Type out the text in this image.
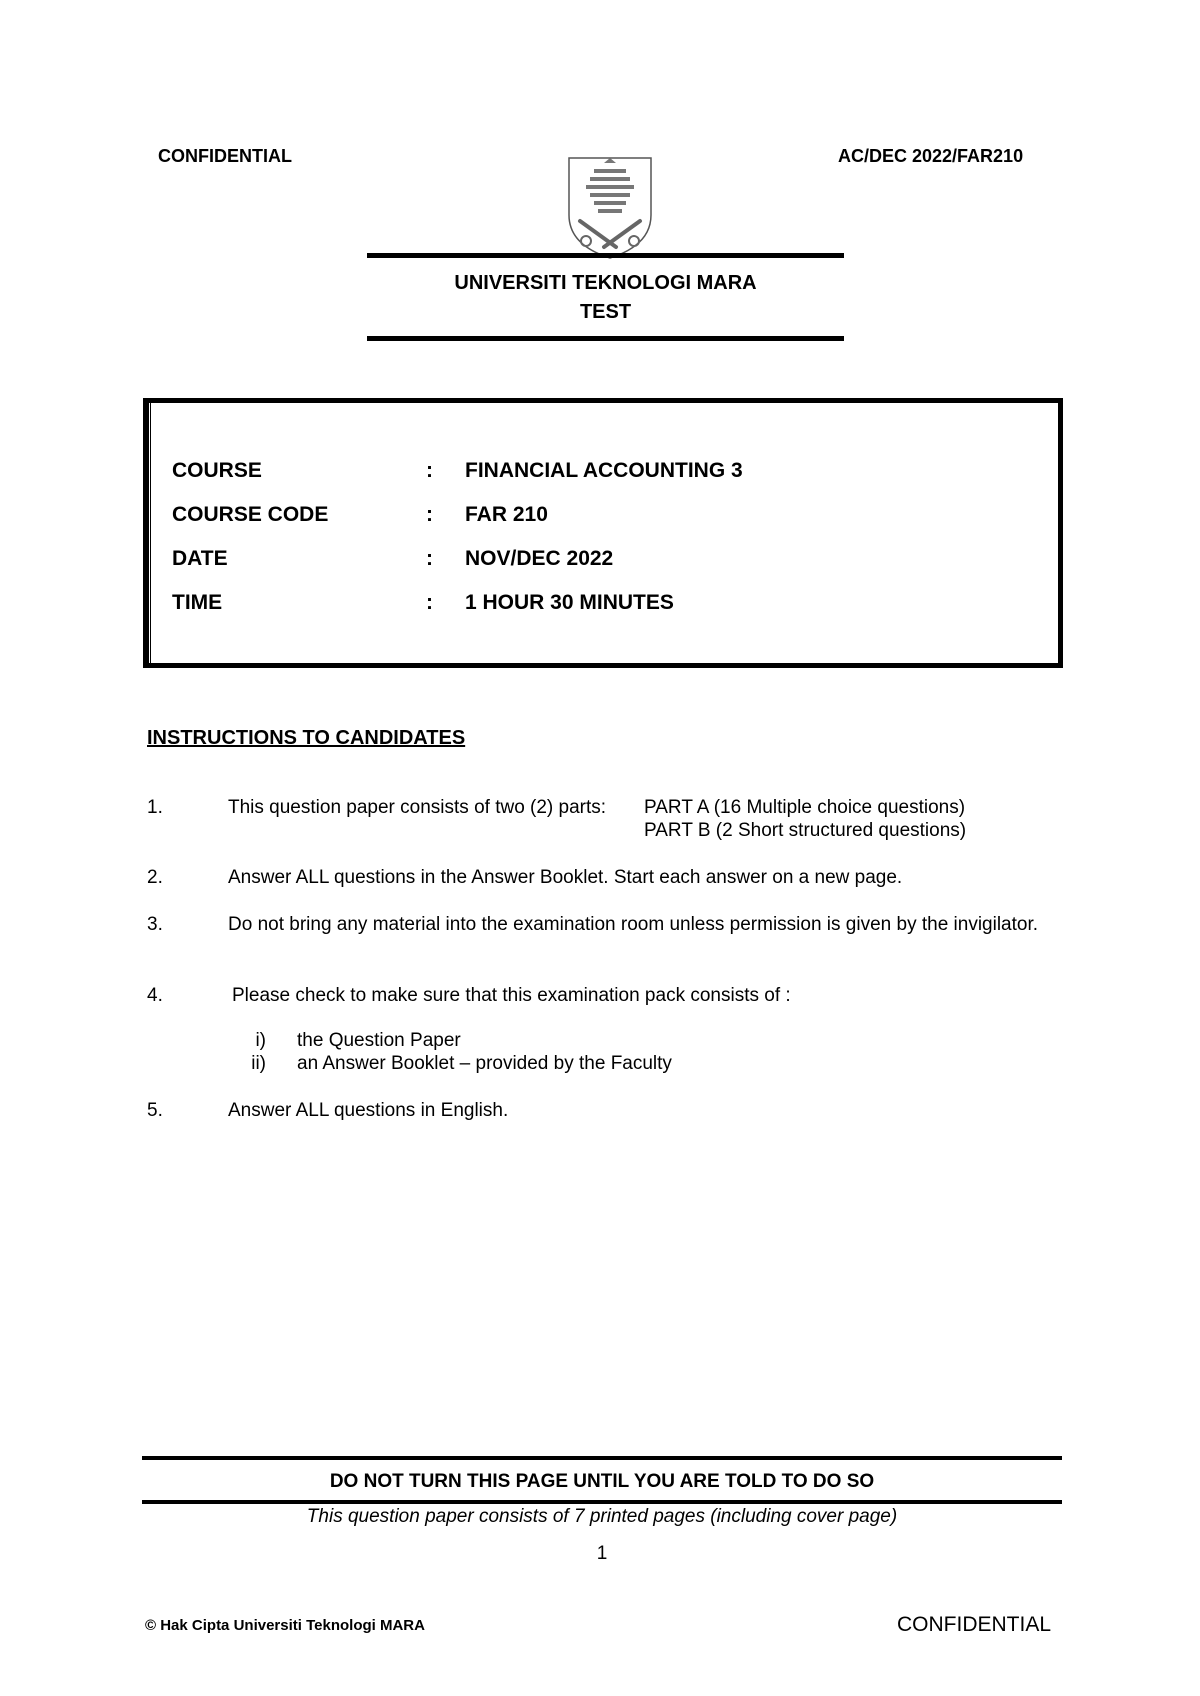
CONFIDENTIAL	AC/DEC 2022/FAR210
UNIVERSITI TEKNOLOGI MARA
TEST
COURSE	: FINANCIAL ACCOUNTING 3
COURSE CODE	: FAR 210
DATE	: NOV/DEC 2022
TIME	: 1 HOUR 30 MINUTES
INSTRUCTIONS TO CANDIDATES
1.	This question paper consists of two (2) parts: PART A (16 Multiple choice questions)
PART B (2 Short structured questions)
2.	Answer ALL questions in the Answer Booklet. Start each answer on a new page.
3.	Do not bring any material into the examination room unless permission is given by the invigilator.
4.	Please check to make sure that this examination pack consists of :
i) the Question Paper
ii) an Answer Booklet – provided by the Faculty
5.	Answer ALL questions in English.
DO NOT TURN THIS PAGE UNTIL YOU ARE TOLD TO DO SO
This question paper consists of 7 printed pages (including cover page)
1
© Hak Cipta Universiti Teknologi MARA	CONFIDENTIAL
